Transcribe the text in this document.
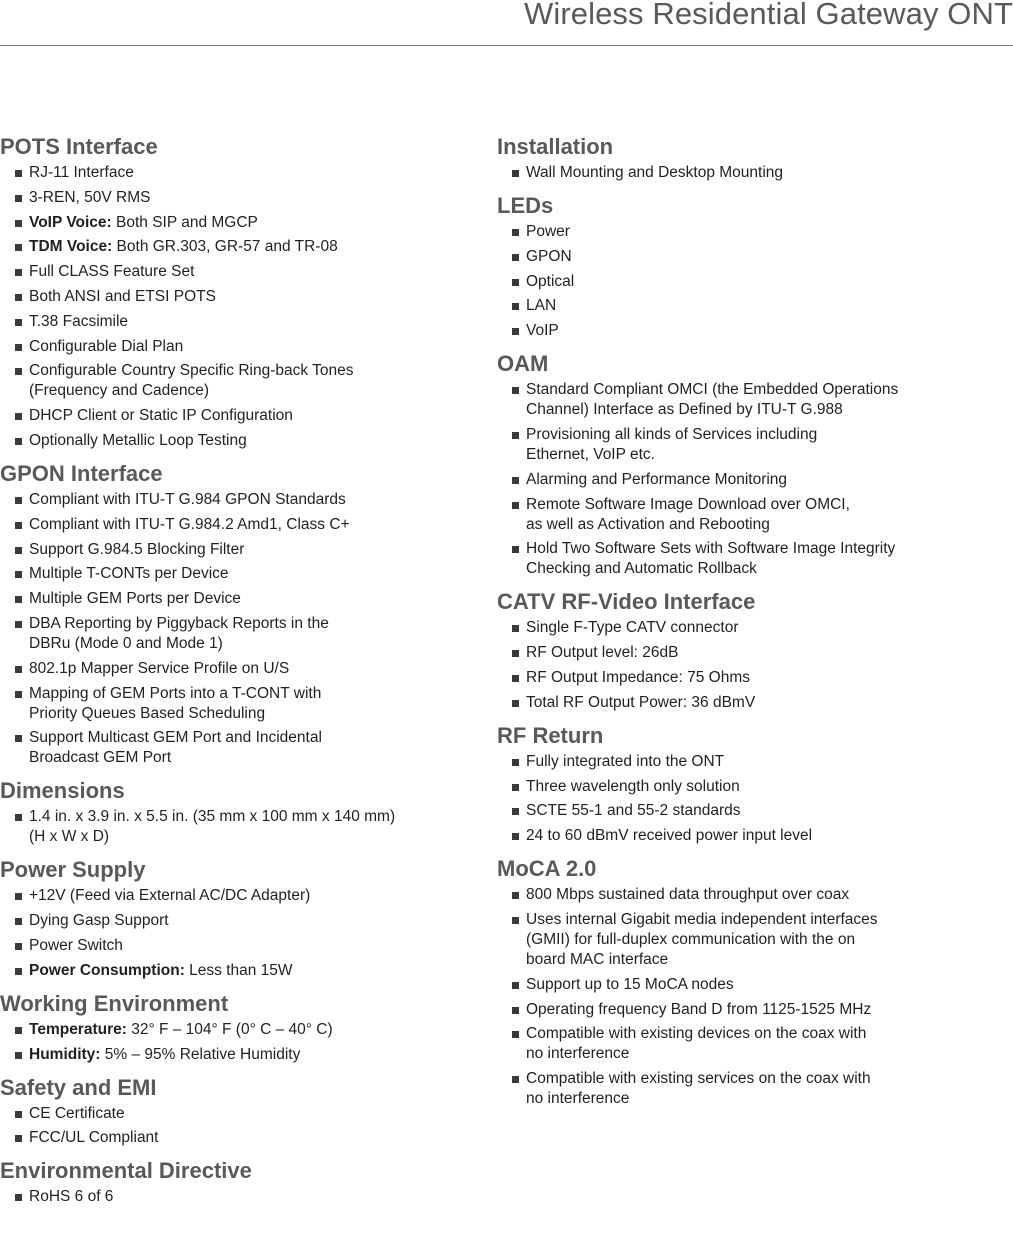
Wireless Residential Gateway ONT
POTS Interface
RJ-11 Interface
3-REN, 50V RMS
VoIP Voice: Both SIP and MGCP
TDM Voice: Both GR.303, GR-57 and TR-08
Full CLASS Feature Set
Both ANSI and ETSI POTS
T.38 Facsimile
Configurable Dial Plan
Configurable Country Specific Ring-back Tones
(Frequency and Cadence)
DHCP Client or Static IP Configuration
Optionally Metallic Loop Testing
GPON Interface
Compliant with ITU-T G.984 GPON Standards
Compliant with ITU-T G.984.2 Amd1, Class C+
Support G.984.5 Blocking Filter
Multiple T-CONTs per Device
Multiple GEM Ports per Device
DBA Reporting by Piggyback Reports in the
DBRu (Mode 0 and Mode 1)
802.1p Mapper Service Profile on U/S
Mapping of GEM Ports into a T-CONT with
Priority Queues Based Scheduling
Support Multicast GEM Port and Incidental
Broadcast GEM Port
Dimensions
1.4 in. x 3.9 in. x 5.5 in. (35 mm x 100 mm x 140 mm)
(H x W x D)
Power Supply
+12V (Feed via External AC/DC Adapter)
Dying Gasp Support
Power Switch
Power Consumption: Less than 15W
Working Environment
Temperature: 32° F – 104° F (0° C – 40° C)
Humidity: 5% – 95% Relative Humidity
Safety and EMI
CE Certificate
FCC/UL Compliant
Environmental Directive
RoHS 6 of 6
Installation
Wall Mounting and Desktop Mounting
LEDs
Power
GPON
Optical
LAN
VoIP
OAM
Standard Compliant OMCI (the Embedded Operations
Channel) Interface as Defined by ITU-T G.988
Provisioning all kinds of Services including
Ethernet, VoIP etc.
Alarming and Performance Monitoring
Remote Software Image Download over OMCI,
as well as Activation and Rebooting
Hold Two Software Sets with Software Image Integrity
Checking and Automatic Rollback
CATV RF-Video Interface
Single F-Type CATV connector
RF Output level: 26dB
RF Output Impedance: 75 Ohms
Total RF Output Power: 36 dBmV
RF Return
Fully integrated into the ONT
Three wavelength only solution
SCTE 55-1 and 55-2 standards
24 to 60 dBmV received power input level
MoCA 2.0
800 Mbps sustained data throughput over coax
Uses internal Gigabit media independent interfaces
(GMII) for full-duplex communication with the on
board MAC interface
Support up to 15 MoCA nodes
Operating frequency Band D from 1125-1525 MHz
Compatible with existing devices on the coax with
no interference
Compatible with existing services on the coax with
no interference
